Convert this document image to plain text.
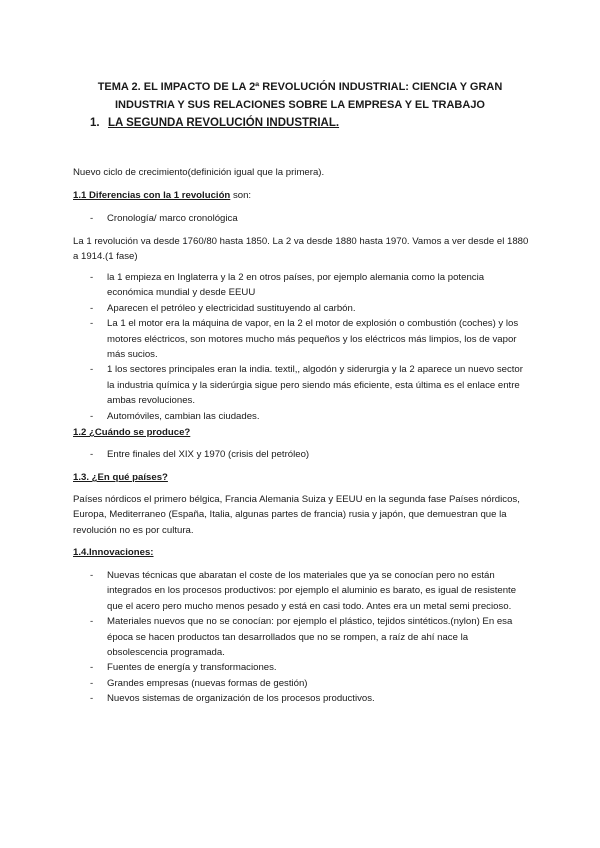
TEMA 2. EL IMPACTO DE LA 2ª REVOLUCIÓN INDUSTRIAL: CIENCIA Y GRAN
INDUSTRIA Y SUS RELACIONES SOBRE LA EMPRESA Y EL TRABAJO
1. LA SEGUNDA REVOLUCIÓN INDUSTRIAL.

Nuevo ciclo de crecimiento(definición igual que la primera).

1.1 Diferencias con la 1 revolución son:

- Cronología/ marco cronológica

La 1 revolución va desde 1760/80 hasta 1850. La 2 va desde 1880 hasta 1970. Vamos a ver desde el 1880 a 1914.(1 fase)

- la 1 empieza en Inglaterra y la 2 en otros países, por ejemplo alemania como la potencia económica mundial y desde EEUU
- Aparecen el petróleo y electricidad sustituyendo al carbón.
- La 1 el motor era la máquina de vapor, en la 2 el motor de explosión o combustión (coches) y los motores eléctricos, son motores mucho más pequeños y los eléctricos más limpios, los de vapor más sucios.
- 1 los sectores principales eran la india. textil,, algodón y siderurgia y la 2 aparece un nuevo sector la industria química y la siderúrgia sigue pero siendo más eficiente, esta última es el enlace entre ambas revoluciones.
- Automóviles, cambian las ciudades.

1.2 ¿Cuándo se produce?

- Entre finales del XIX y 1970 (crisis del petróleo)

1.3. ¿En qué países?

Países nórdicos el primero bélgica, Francia Alemania Suiza y EEUU en la segunda fase Países nórdicos, Europa, Mediterraneo (España, Italia, algunas partes de francia) rusia y japón, que demuestran que la revolución no es por cultura.

1.4.Innovaciones:

- Nuevas técnicas que abaratan el coste de los materiales que ya se conocían pero no están integrados en los procesos productivos: por ejemplo el aluminio es barato, es igual de resistente que el acero pero mucho menos pesado y está en casi todo. Antes era un metal semi precioso.
- Materiales nuevos que no se conocían: por ejemplo el plástico, tejidos sintéticos.(nylon) En esa época se hacen productos tan desarrollados que no se rompen, a raíz de ahí nace la obsolescencia programada.
- Fuentes de energía y transformaciones.
- Grandes empresas (nuevas formas de gestión)
- Nuevos sistemas de organización de los procesos productivos.
